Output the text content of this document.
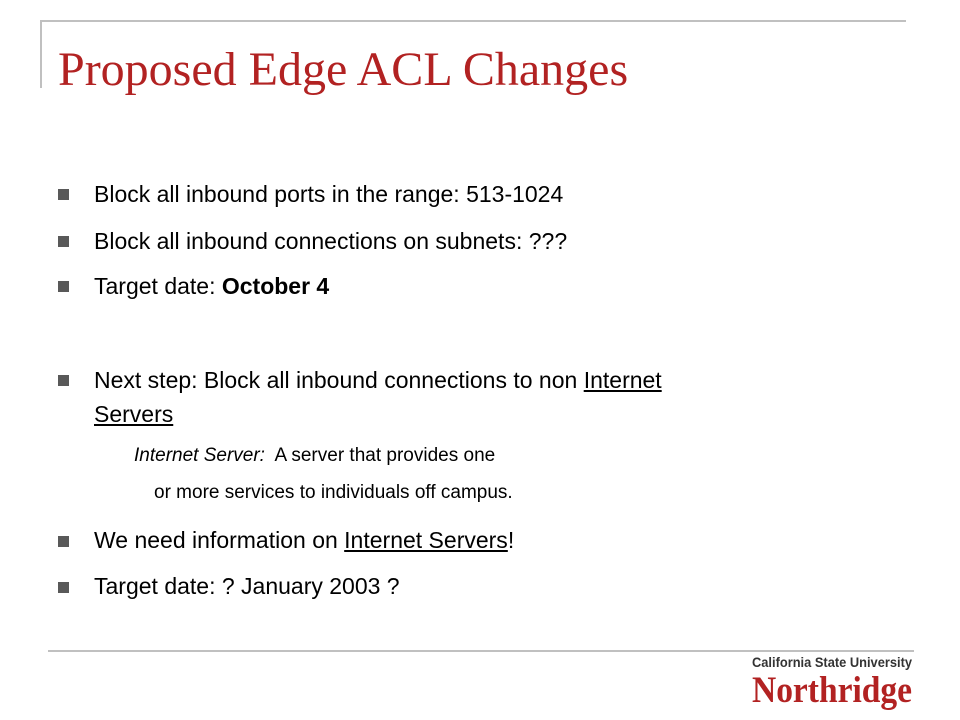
Proposed Edge ACL Changes
Block all inbound ports in the range: 513-1024
Block all inbound connections on subnets: ???
Target date: October 4
Next step: Block all inbound connections to non Internet
Servers
Internet Server:  A server that provides one
or more services to individuals off campus.
We need information on Internet Servers!
Target date: ? January 2003 ?
California State University
Northridge
